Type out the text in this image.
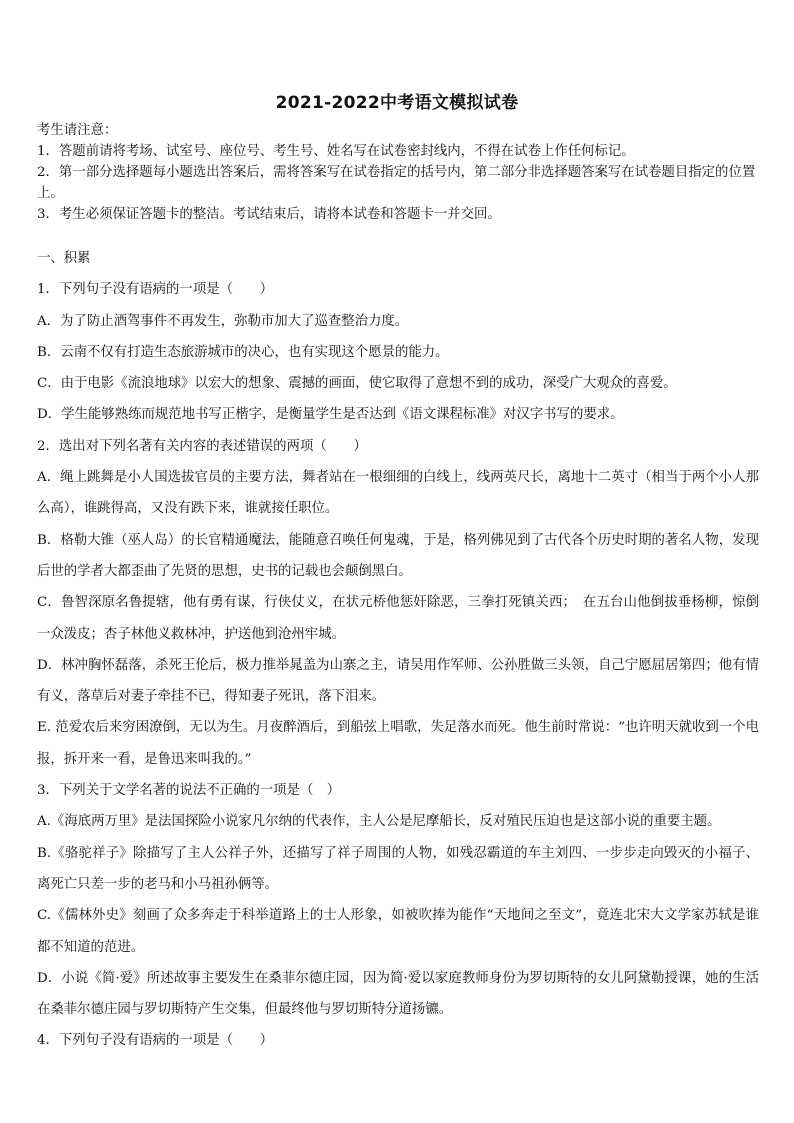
2021-2022中考语文模拟试卷
考生请注意：
1．答题前请将考场、试室号、座位号、考生号、姓名写在试卷密封线内，不得在试卷上作任何标记。
2．第一部分选择题每小题选出答案后，需将答案写在试卷指定的括号内，第二部分非选择题答案写在试卷题目指定的位置上。
3．考生必须保证答题卡的整洁。考试结束后，请将本试卷和答题卡一并交回。
一、积累
1．下列句子没有语病的一项是（　　）
A．为了防止酒驾事件不再发生，弥勒市加大了巡查整治力度。
B．云南不仅有打造生态旅游城市的决心，也有实现这个愿景的能力。
C．由于电影《流浪地球》以宏大的想象、震撼的画面，使它取得了意想不到的成功，深受广大观众的喜爱。
D．学生能够熟练而规范地书写正楷字，是衡量学生是否达到《语文课程标准》对汉字书写的要求。
2．选出对下列名著有关内容的表述错误的两项（　　）
A．绳上跳舞是小人国选拔官员的主要方法，舞者站在一根细细的白线上，线两英尺长，离地十二英寸（相当于两个小人那么高），谁跳得高，又没有跌下来，谁就接任职位。
B．格勒大锥（巫人岛）的长官精通魔法，能随意召唤任何鬼魂，于是，格列佛见到了古代各个历史时期的著名人物，发现后世的学者大都歪曲了先贤的思想，史书的记载也会颠倒黑白。
C．鲁智深原名鲁提辖，他有勇有谋，行侠仗义，在状元桥他惩奸除恶，三拳打死镇关西；　在五台山他倒拔垂杨柳，惊倒一众泼皮；杏子林他义救林冲，护送他到沧州牢城。
D．林冲胸怀磊落，杀死王伦后，极力推举晁盖为山寨之主，请吴用作军师、公孙胜做三头领，自己宁愿屈居第四；他有情有义，落草后对妻子牵挂不已，得知妻子死讯，落下泪来。
E. 范爱农后来穷困潦倒，无以为生。月夜醉酒后，到船弦上唱歌，失足落水而死。他生前时常说：“也许明天就收到一个电报，拆开来一看，是鲁迅来叫我的。”
3．下列关于文学名著的说法不正确的一项是（　）
A.《海底两万里》是法国探险小说家凡尔纳的代表作，主人公是尼摩船长，反对殖民压迫也是这部小说的重要主题。
B.《骆驼祥子》除描写了主人公祥子外，还描写了祥子周围的人物，如残忍霸道的车主刘四、一步步走向毁灭的小福子、离死亡只差一步的老马和小马祖孙俩等。
C.《儒林外史》刻画了众多奔走于科举道路上的士人形象，如被吹捧为能作“天地间之至文”，竟连北宋大文学家苏轼是谁都不知道的范进。
D．小说《简·爱》所述故事主要发生在桑菲尔德庄园，因为简·爱以家庭教师身份为罗切斯特的女儿阿黛勒授课，她的生活在桑菲尔德庄园与罗切斯特产生交集，但最终他与罗切斯特分道扬镳。
4．下列句子没有语病的一项是（　　）
